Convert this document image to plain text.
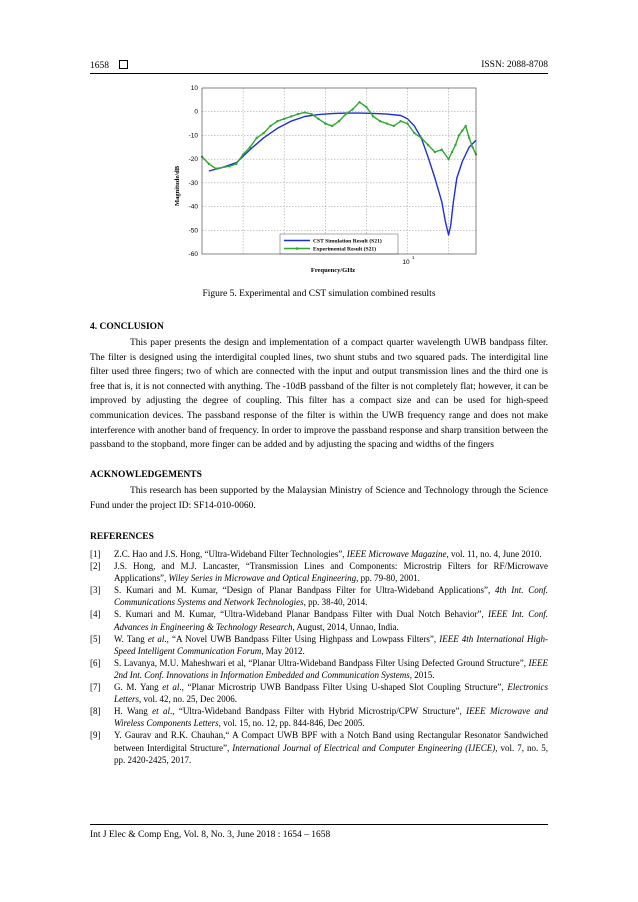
1658	ISSN: 2088-8708
10
0
-10
-20
-30
-40
-50
-60
Magnitude/dB
Frequency/GHz
10
1
CST Simulation Result (S21)
Experimental Result (S21)
Figure 5. Experimental and CST simulation combined results
4. CONCLUSION

This paper presents the design and implementation of a compact quarter wavelength UWB bandpass filter. The filter is designed using the interdigital coupled lines, two shunt stubs and two squared pads. The interdigital line filter used three fingers; two of which are connected with the input and output transmission lines and the third one is free that is, it is not connected with anything. The -10dB passband of the filter is not completely flat; however, it can be improved by adjusting the degree of coupling. This filter has a compact size and can be used for high-speed communication devices. The passband response of the filter is within the UWB frequency range and does not make interference with another band of frequency. In order to improve the passband response and sharp transition between the passband to the stopband, more finger can be added and by adjusting the spacing and widths of the fingers

ACKNOWLEDGEMENTS

This research has been supported by the Malaysian Ministry of Science and Technology through the Science Fund under the project ID: SF14-010-0060.

REFERENCES
[1]	Z.C. Hao and J.S. Hong, “Ultra-Wideband Filter Technologies”, IEEE Microwave Magazine, vol. 11, no. 4, June 2010.
[2]	J.S. Hong, and M.J. Lancaster, “Transmission Lines and Components: Microstrip Filters for RF/Microwave Applications”, Wiley Series in Microwave and Optical Engineering, pp. 79-80, 2001.
[3]	S. Kumari and M. Kumar, “Design of Planar Bandpass Filter for Ultra-Wideband Applications”, 4th Int. Conf. Communications Systems and Network Technologies, pp. 38-40, 2014.
[4]	S. Kumari and M. Kumar, “Ultra-Wideband Planar Bandpass Filter with Dual Notch Behavior”, IEEE Int. Conf. Advances in Engineering & Technology Research, August, 2014, Unnao, India.
[5]	W. Tang et al., “A Novel UWB Bandpass Filter Using Highpass and Lowpass Filters”, IEEE 4th International High-Speed Intelligent Communication Forum, May 2012.
[6]	S. Lavanya, M.U. Maheshwari et al, “Planar Ultra-Wideband Bandpass Filter Using Defected Ground Structure”, IEEE 2nd Int. Conf. Innovations in Information Embedded and Communication Systems, 2015.
[7]	G. M. Yang et al., “Planar Microstrip UWB Bandpass Filter Using U-shaped Slot Coupling Structure”, Electronics Letters, vol. 42, no. 25, Dec 2006.
[8]	H. Wang et al., “Ultra-Wideband Bandpass Filter with Hybrid Microstrip/CPW Structure”, IEEE Microwave and Wireless Components Letters, vol. 15, no. 12, pp. 844-846, Dec 2005.
[9]	Y. Gaurav and R.K. Chauhan,“ A Compact UWB BPF with a Notch Band using Rectangular Resonator Sandwiched between Interdigital Structure”, International Journal of Electrical and Computer Engineering (IJECE), vol. 7, no. 5, pp. 2420-2425, 2017.
Int J Elec & Comp Eng, Vol. 8, No. 3, June 2018 : 1654 – 1658
